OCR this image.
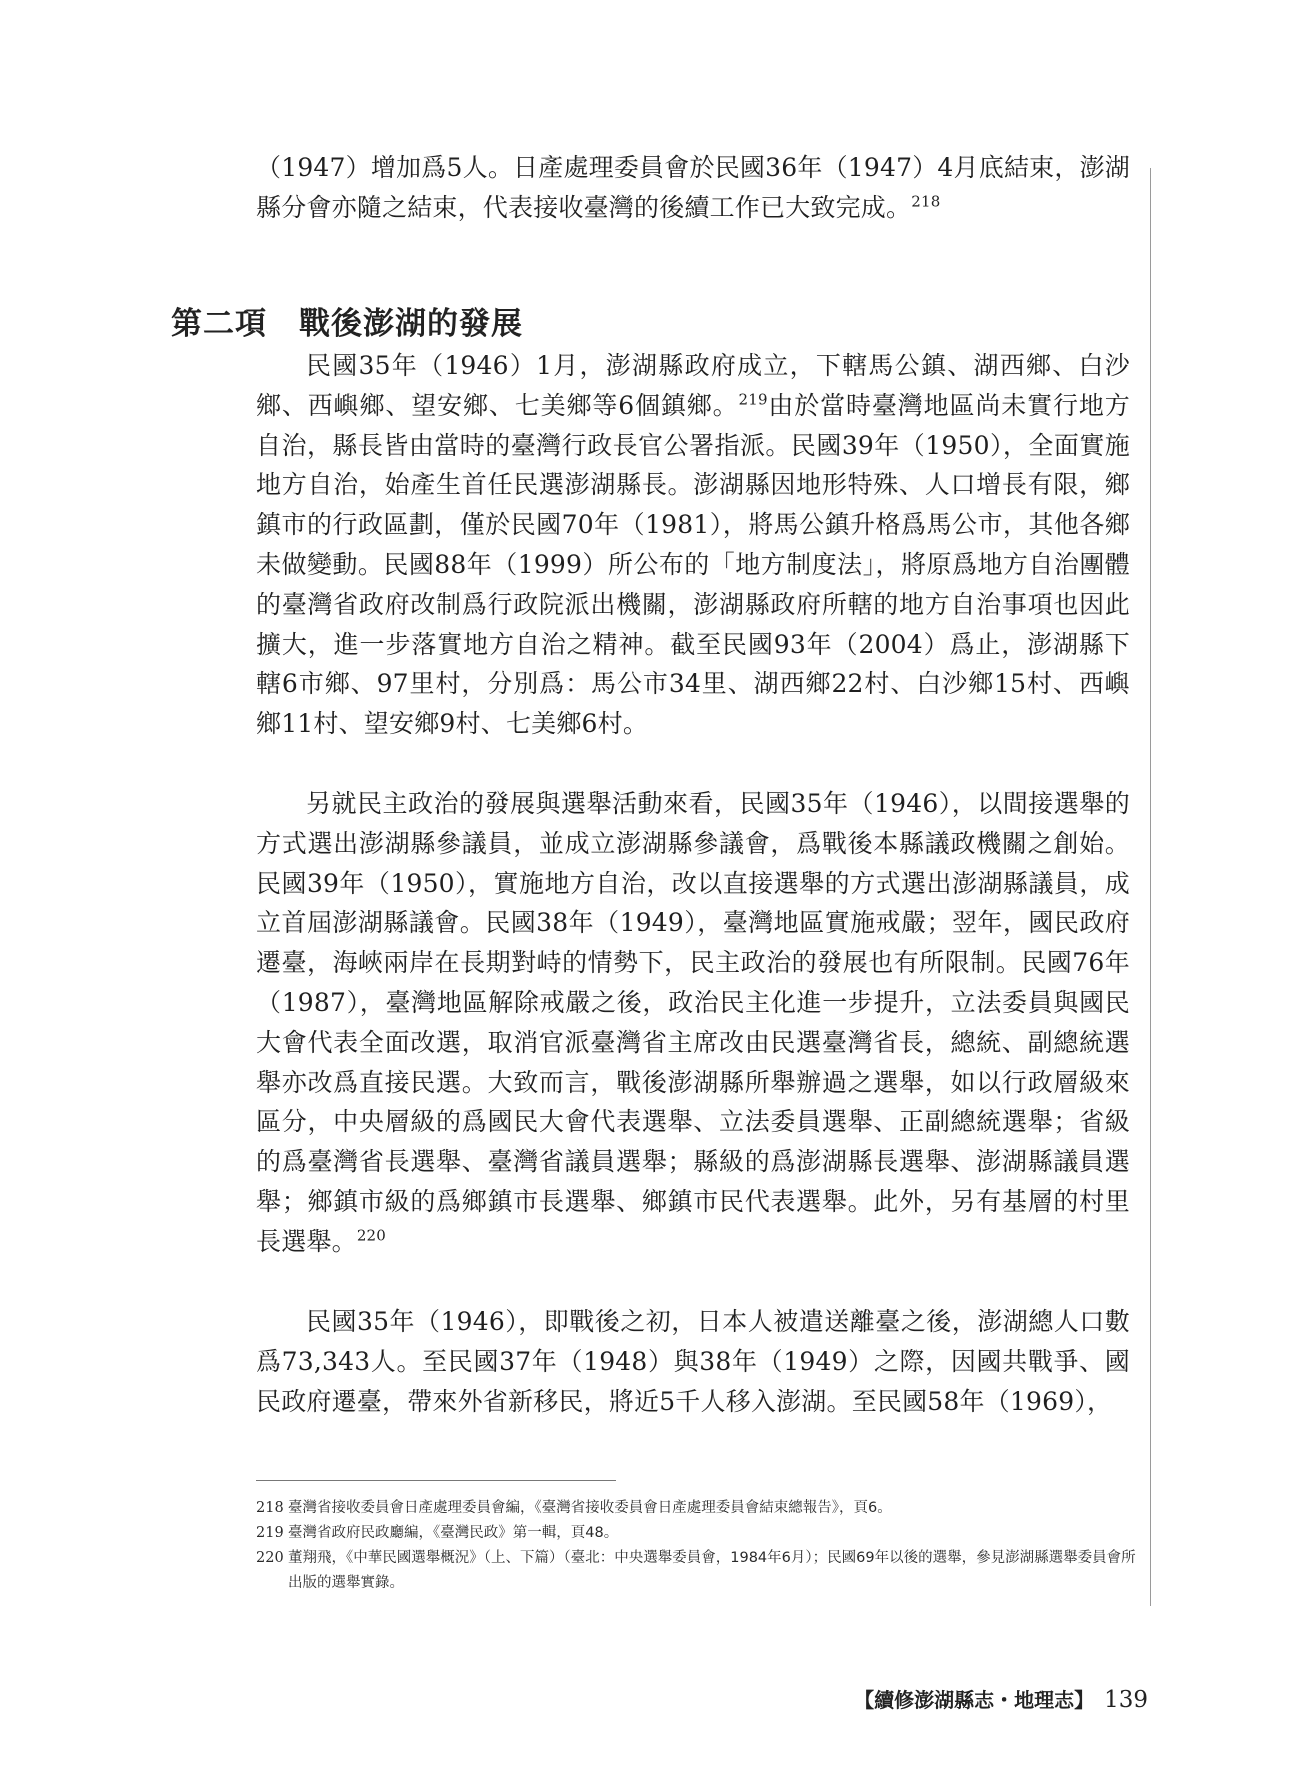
（1947）增加爲5人。日產處理委員會於民國36年（1947）4月底結束，澎湖縣分會亦隨之結束，代表接收臺灣的後續工作已大致完成。$^{218}$

第二項 戰後澎湖的發展

民國35年（1946）1月，澎湖縣政府成立，下轄馬公鎮、湖西鄉、白沙鄉、西嶼鄉、望安鄉、七美鄉等6個鎮鄉。$^{219}$由於當時臺灣地區尚未實行地方自治，縣長皆由當時的臺灣行政長官公署指派。民國39年（1950），全面實施地方自治，始產生首任民選澎湖縣長。澎湖縣因地形特殊、人口增長有限，鄉鎮市的行政區劃，僅於民國70年（1981），將馬公鎮升格爲馬公市，其他各鄉未做變動。民國88年（1999）所公布的「地方制度法」，將原爲地方自治團體的臺灣省政府改制爲行政院派出機關，澎湖縣政府所轄的地方自治事項也因此擴大，進一步落實地方自治之精神。截至民國93年（2004）爲止，澎湖縣下轄6市鄉、97里村，分別爲：馬公市34里、湖西鄉22村、白沙鄉15村、西嶼鄉11村、望安鄉9村、七美鄉6村。

另就民主政治的發展與選舉活動來看，民國35年（1946），以間接選舉的方式選出澎湖縣參議員，並成立澎湖縣參議會，爲戰後本縣議政機關之創始。民國39年（1950），實施地方自治，改以直接選舉的方式選出澎湖縣議員，成立首屆澎湖縣議會。民國38年（1949），臺灣地區實施戒嚴；翌年，國民政府遷臺，海峽兩岸在長期對峙的情勢下，民主政治的發展也有所限制。民國76年（1987），臺灣地區解除戒嚴之後，政治民主化進一步提升，立法委員與國民大會代表全面改選，取消官派臺灣省主席改由民選臺灣省長，總統、副總統選舉亦改爲直接民選。大致而言，戰後澎湖縣所舉辦過之選舉，如以行政層級來區分，中央層級的爲國民大會代表選舉、立法委員選舉、正副總統選舉；省級的爲臺灣省長選舉、臺灣省議員選舉；縣級的爲澎湖縣長選舉、澎湖縣議員選舉；鄉鎮市級的爲鄉鎮市長選舉、鄉鎮市民代表選舉。此外，另有基層的村里長選舉。$^{220}$

民國35年（1946），即戰後之初，日本人被遣送離臺之後，澎湖總人口數爲73,343人。至民國37年（1948）與38年（1949）之際，因國共戰爭、國民政府遷臺，帶來外省新移民，將近5千人移入澎湖。至民國58年（1969），

218 臺灣省接收委員會日產處理委員會編，《臺灣省接收委員會日產處理委員會結束總報告》，頁6。
219 臺灣省政府民政廳編，《臺灣民政》第一輯，頁48。
220 董翔飛，《中華民國選舉概況》（上、下篇）（臺北：中央選舉委員會，1984年6月）；民國69年以後的選舉，參見澎湖縣選舉委員會所出版的選舉實錄。
【續修澎湖縣志・地理志】 139
